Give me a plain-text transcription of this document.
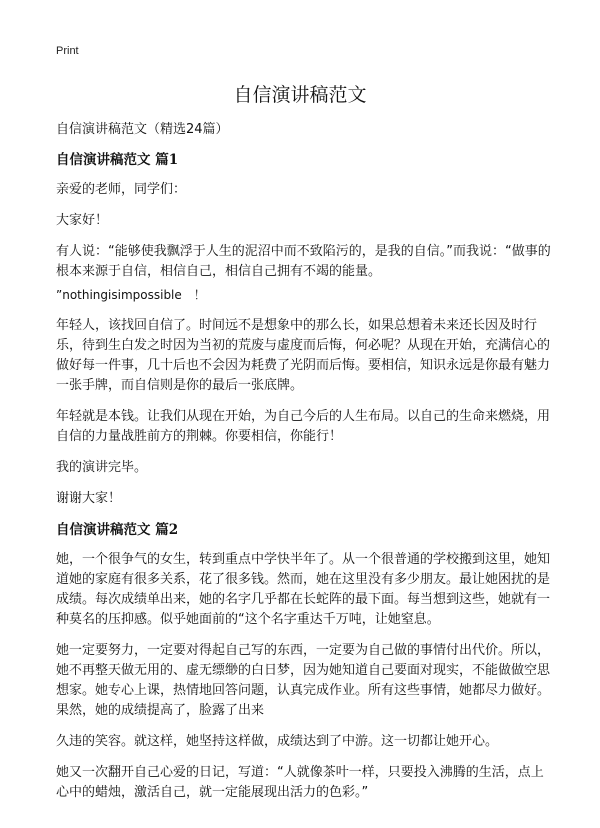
Print
自信演讲稿范文

自信演讲稿范文（精选24篇）

自信演讲稿范文 篇1

亲爱的老师，同学们：

大家好！

有人说：“能够使我飘浮于人生的泥沼中而不致陷污的，是我的自信。”而我说：“做事的根本来源于自信，相信自己，相信自己拥有不竭的能量。

”nothingisimpossible　！

年轻人，该找回自信了。时间远不是想象中的那么长，如果总想着未来还长因及时行乐，待到生白发之时因为当初的荒废与虚度而后悔，何必呢？从现在开始，充满信心的做好每一件事，几十后也不会因为耗费了光阴而后悔。要相信，知识永远是你最有魅力一张手牌，而自信则是你的最后一张底牌。

年轻就是本钱。让我们从现在开始，为自己今后的人生布局。以自己的生命来燃烧，用自信的力量战胜前方的荆棘。你要相信，你能行！

我的演讲完毕。

谢谢大家！

自信演讲稿范文 篇2

她，一个很争气的女生，转到重点中学快半年了。从一个很普通的学校搬到这里，她知道她的家庭有很多关系，花了很多钱。然而，她在这里没有多少朋友。最让她困扰的是成绩。每次成绩单出来，她的名字几乎都在长蛇阵的最下面。每当想到这些，她就有一种莫名的压抑感。似乎她面前的“这个名字重达千万吨，让她窒息。

她一定要努力，一定要对得起自己写的东西，一定要为自己做的事情付出代价。所以，她不再整天做无用的、虚无缥缈的白日梦，因为她知道自己要面对现实，不能做做空思想家。她专心上课，热情地回答问题，认真完成作业。所有这些事情，她都尽力做好。果然，她的成绩提高了，脸露了出来

久违的笑容。就这样，她坚持这样做，成绩达到了中游。这一切都让她开心。

她又一次翻开自己心爱的日记，写道：“人就像茶叶一样，只要投入沸腾的生活，点上心中的蜡烛，激活自己，就一定能展现出活力的色彩。”
